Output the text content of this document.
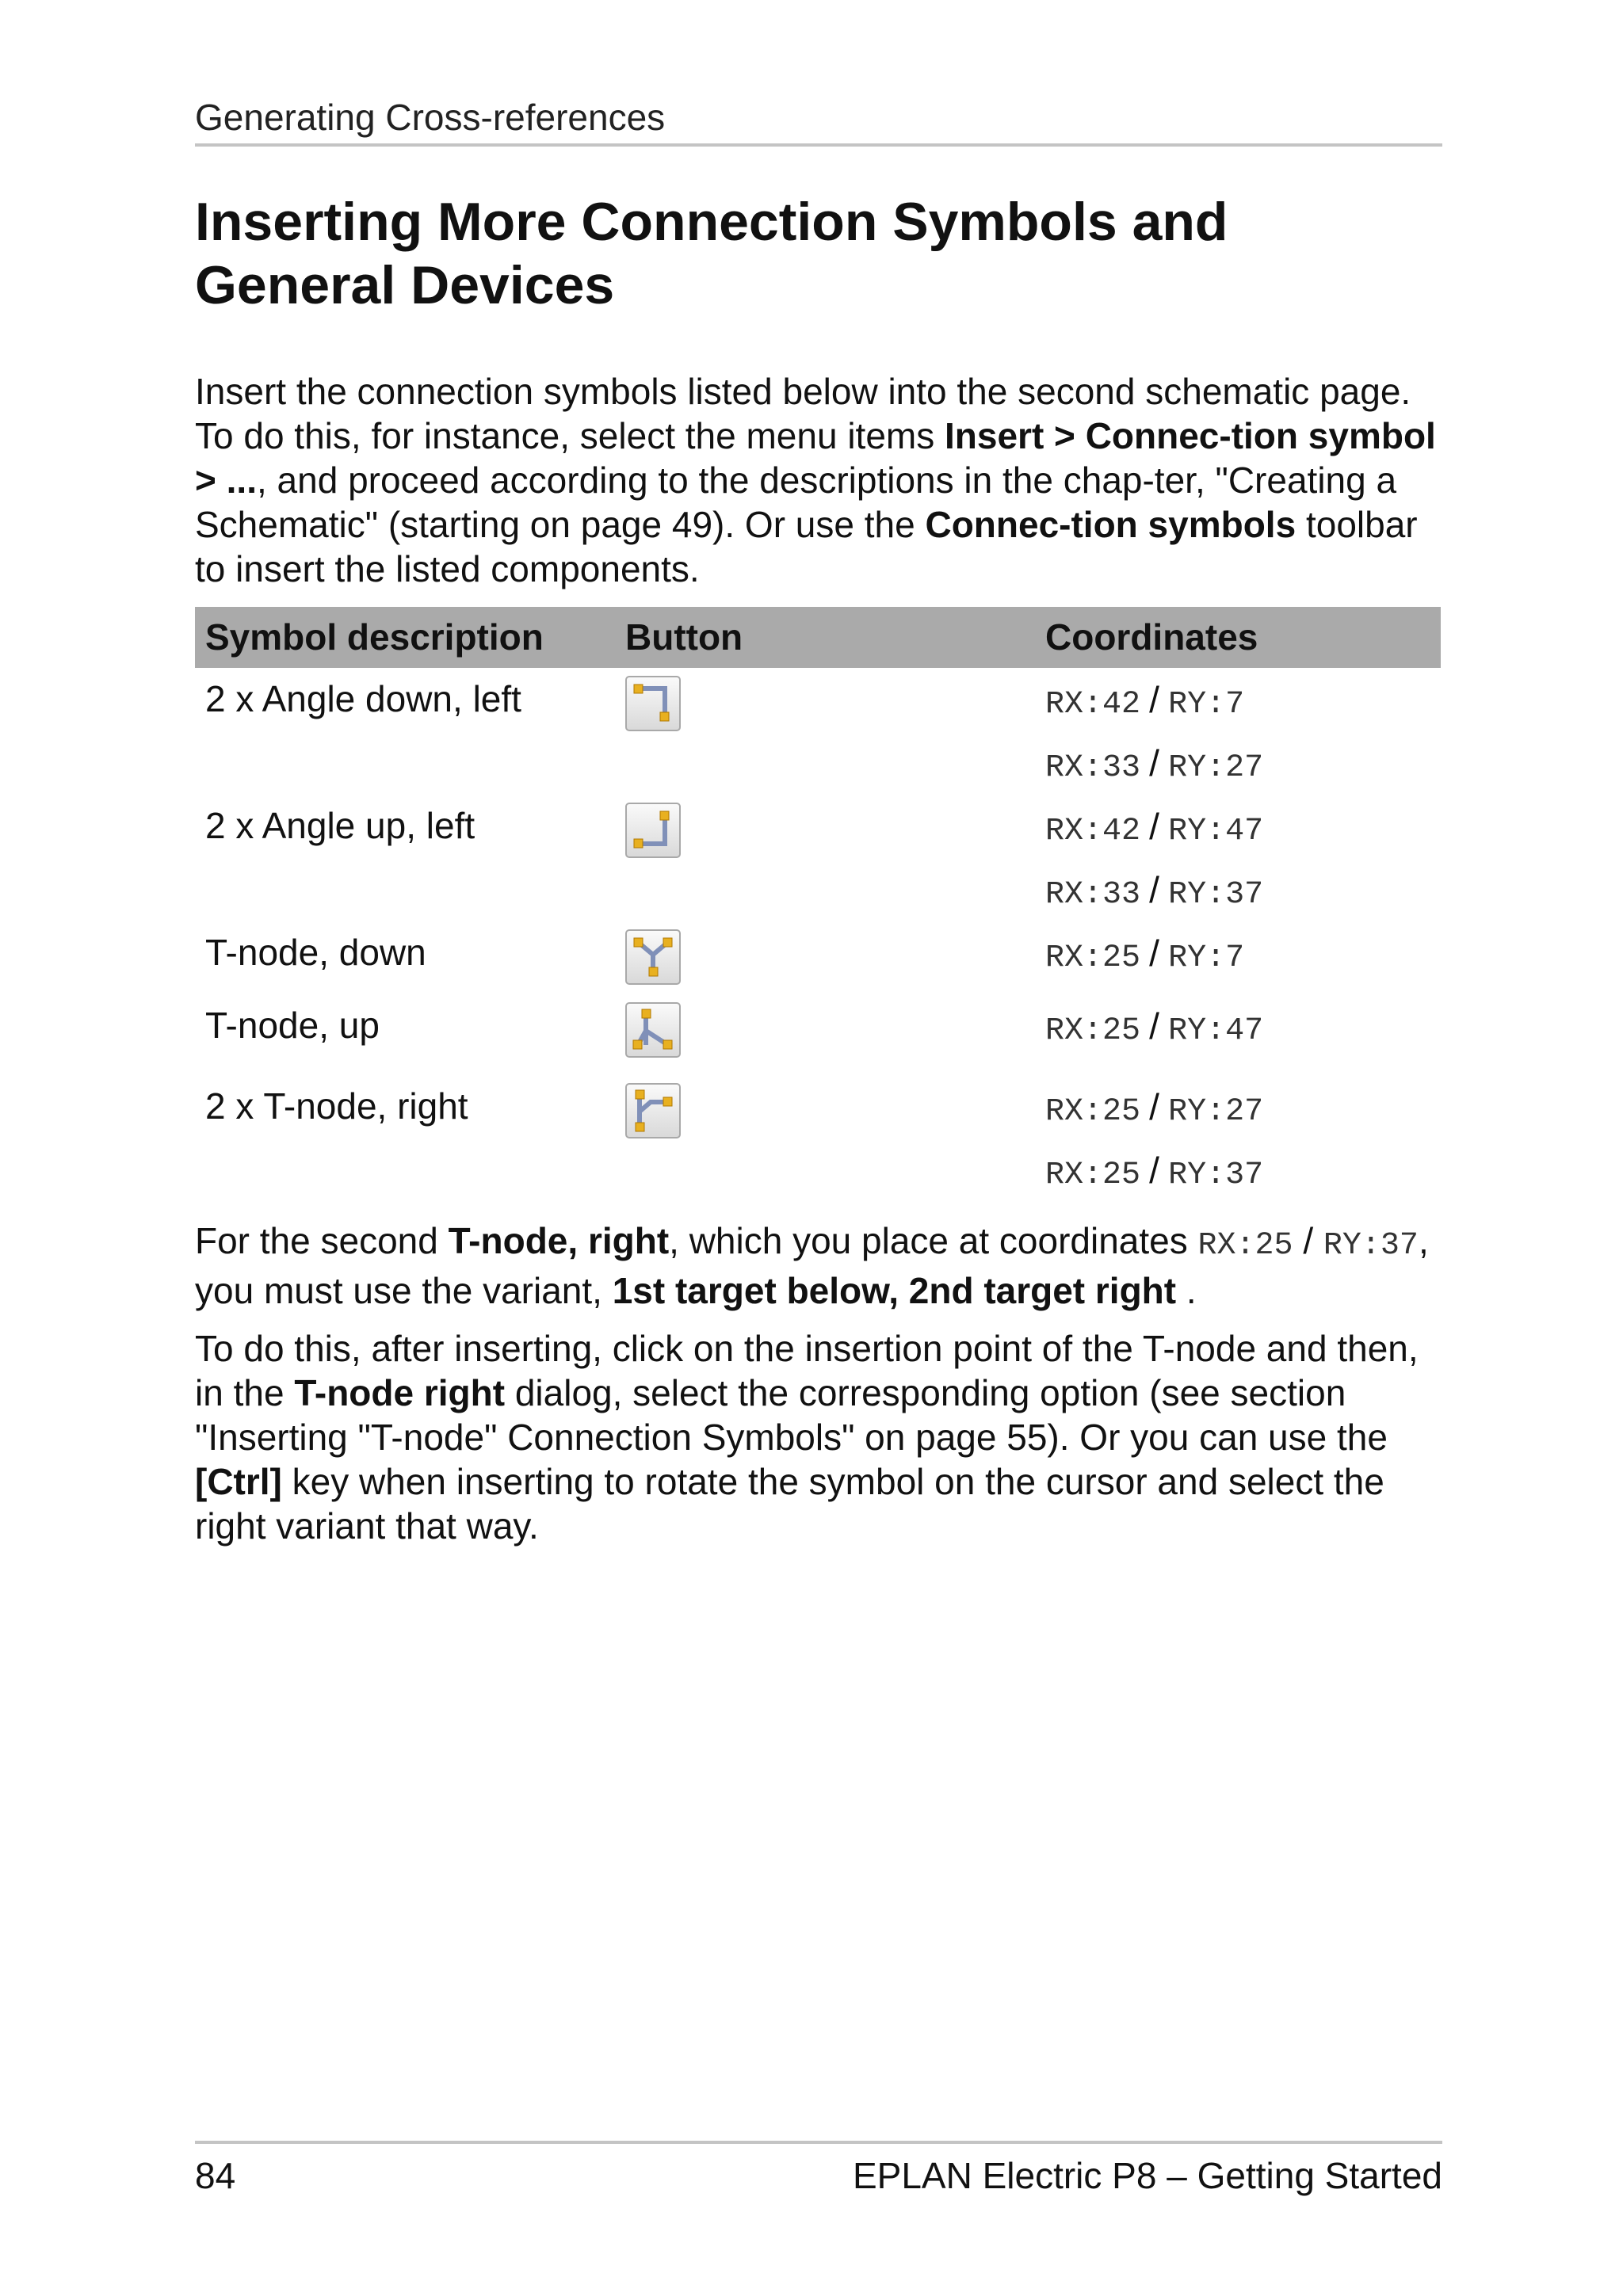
Generating Cross-references
Inserting More Connection Symbols and
General Devices

Insert the connection symbols listed below into the second schematic page. To do this, for instance, select the menu items Insert > Connec-tion symbol > ..., and proceed according to the descriptions in the chap-ter, "Creating a Schematic" (starting on page 49). Or use the Connec-tion symbols toolbar to insert the listed components.

Symbol description Button	Coordinates
2 x Angle down, left	RX:42 / RY:7
RX:33 / RY:27
2 x Angle up, left	RX:42 / RY:47
RX:33 / RY:37
T-node, down	RX:25 / RY:7
T-node, up	RX:25 / RY:47
2 x T-node, right	RX:25 / RY:27
RX:25 / RY:37

For the second T-node, right, which you place at coordinates RX:25 / RY:37, you must use the variant, 1st target below, 2nd target right .

To do this, after inserting, click on the insertion point of the T-node and then, in the T-node right dialog, select the corresponding option (see section "Inserting "T-node" Connection Symbols" on page 55). Or you can use the [Ctrl] key when inserting to rotate the symbol on the cursor and select the right variant that way.

84	EPLAN Electric P8 – Getting Started
